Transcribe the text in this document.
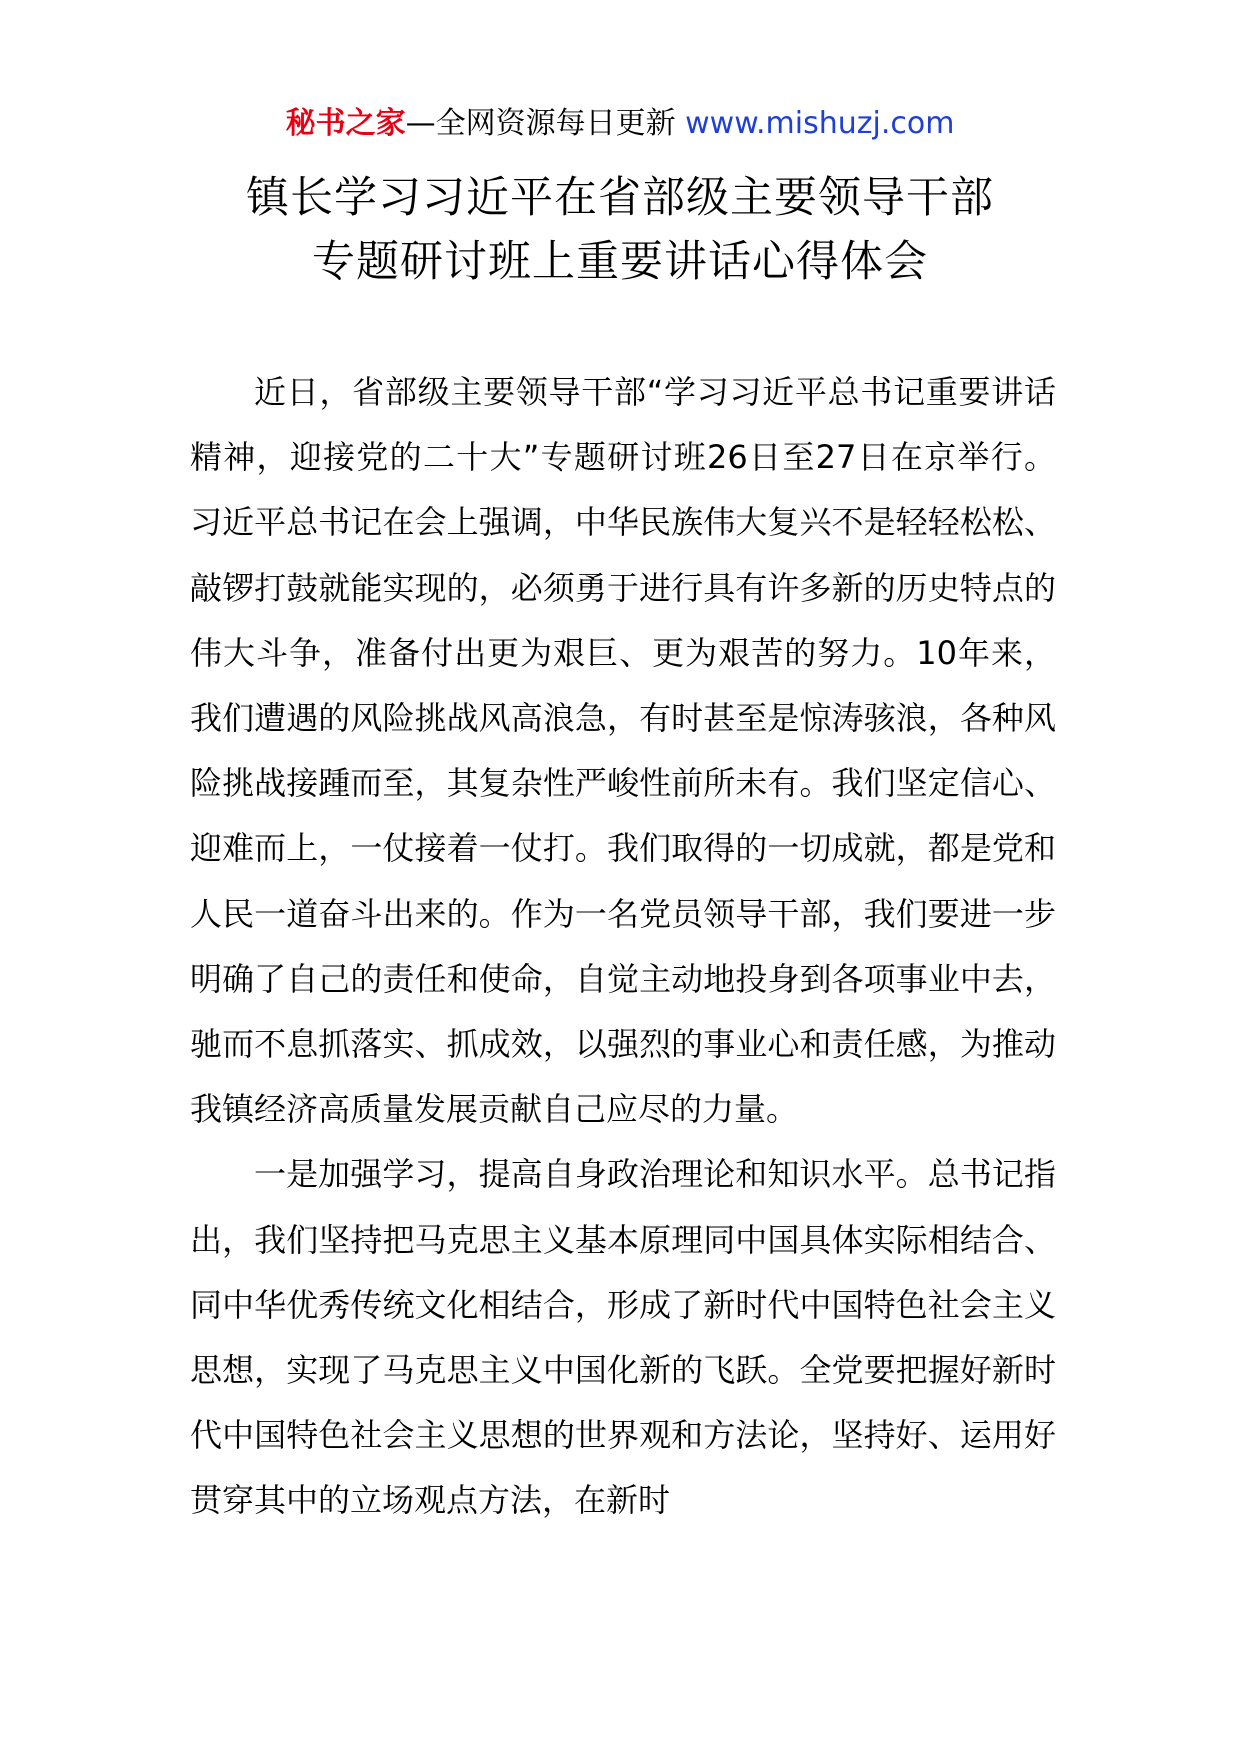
秘书之家—全网资源每日更新 www.mishuzj.com
镇长学习习近平在省部级主要领导干部
专题研讨班上重要讲话心得体会

近日，省部级主要领导干部“学习习近平总书记重要讲话精神，迎接党的二十大”专题研讨班26日至27日在京举行。习近平总书记在会上强调，中华民族伟大复兴不是轻轻松松、敲锣打鼓就能实现的，必须勇于进行具有许多新的历史特点的伟大斗争，准备付出更为艰巨、更为艰苦的努力。10年来，我们遭遇的风险挑战风高浪急，有时甚至是惊涛骇浪，各种风险挑战接踵而至，其复杂性严峻性前所未有。我们坚定信心、迎难而上，一仗接着一仗打。我们取得的一切成就，都是党和人民一道奋斗出来的。作为一名党员领导干部，我们要进一步明确了自己的责任和使命，自觉主动地投身到各项事业中去，驰而不息抓落实、抓成效，以强烈的事业心和责任感，为推动我镇经济高质量发展贡献自己应尽的力量。

一是加强学习，提高自身政治理论和知识水平。总书记指出，我们坚持把马克思主义基本原理同中国具体实际相结合、同中华优秀传统文化相结合，形成了新时代中国特色社会主义思想，实现了马克思主义中国化新的飞跃。全党要把握好新时代中国特色社会主义思想的世界观和方法论，坚持好、运用好贯穿其中的立场观点方法，在新时
